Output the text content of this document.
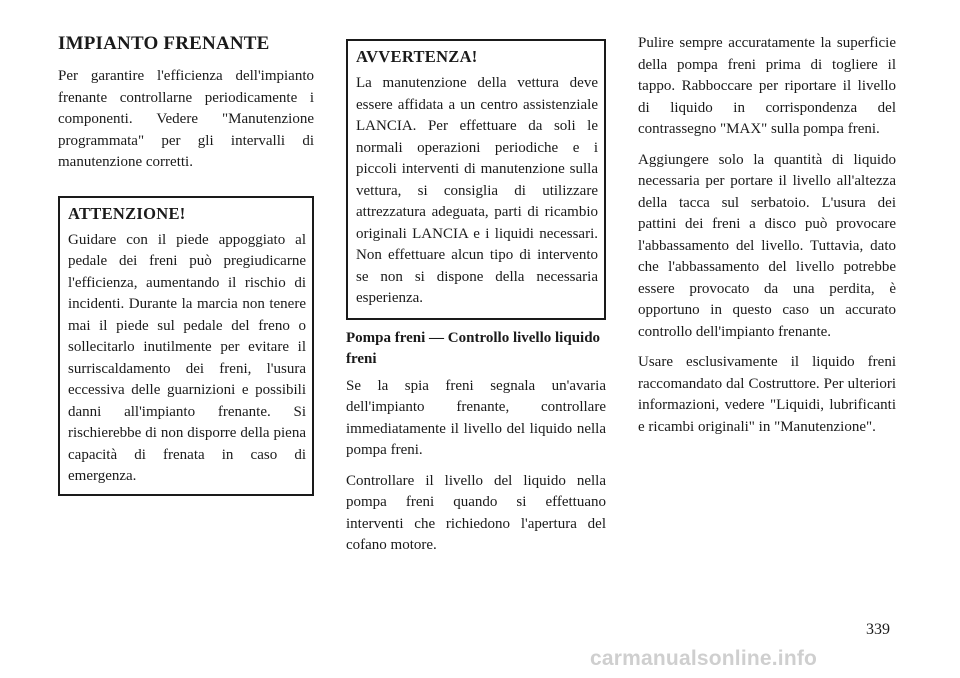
IMPIANTO FRENANTE

Per garantire l'efficienza dell'impianto frenante controllarne periodicamente i componenti. Vedere "Manutenzione programmata" per gli intervalli di manutenzione corretti.

ATTENZIONE!

Guidare con il piede appoggiato al pedale dei freni può pregiudicarne l'efficienza, aumentando il rischio di incidenti. Durante la marcia non tenere mai il piede sul pedale del freno o sollecitarlo inutilmente per evitare il surriscaldamento dei freni, l'usura eccessiva delle guarnizioni e possibili danni all'impianto frenante. Si rischierebbe di non disporre della piena capacità di frenata in caso di emergenza.

AVVERTENZA!

La manutenzione della vettura deve essere affidata a un centro assistenziale LANCIA. Per effettuare da soli le normali operazioni periodiche e i piccoli interventi di manutenzione sulla vettura, si consiglia di utilizzare attrezzatura adeguata, parti di ricambio originali LANCIA e i liquidi necessari. Non effettuare alcun tipo di intervento se non si dispone della necessaria esperienza.

Pompa freni — Controllo livello liquido freni

Se la spia freni segnala un'avaria dell'impianto frenante, controllare immediatamente il livello del liquido nella pompa freni.

Controllare il livello del liquido nella pompa freni quando si effettuano interventi che richiedono l'apertura del cofano motore.

Pulire sempre accuratamente la superficie della pompa freni prima di togliere il tappo. Rabboccare per riportare il livello di liquido in corrispondenza del contrassegno "MAX" sulla pompa freni.

Aggiungere solo la quantità di liquido necessaria per portare il livello all'altezza della tacca sul serbatoio. L'usura dei pattini dei freni a disco può provocare l'abbassamento del livello. Tuttavia, dato che l'abbassamento del livello potrebbe essere provocato da una perdita, è opportuno in questo caso un accurato controllo dell'impianto frenante.

Usare esclusivamente il liquido freni raccomandato dal Costruttore. Per ulteriori informazioni, vedere "Liquidi, lubrificanti e ricambi originali" in "Manutenzione".

339
carmanualsonline.info
